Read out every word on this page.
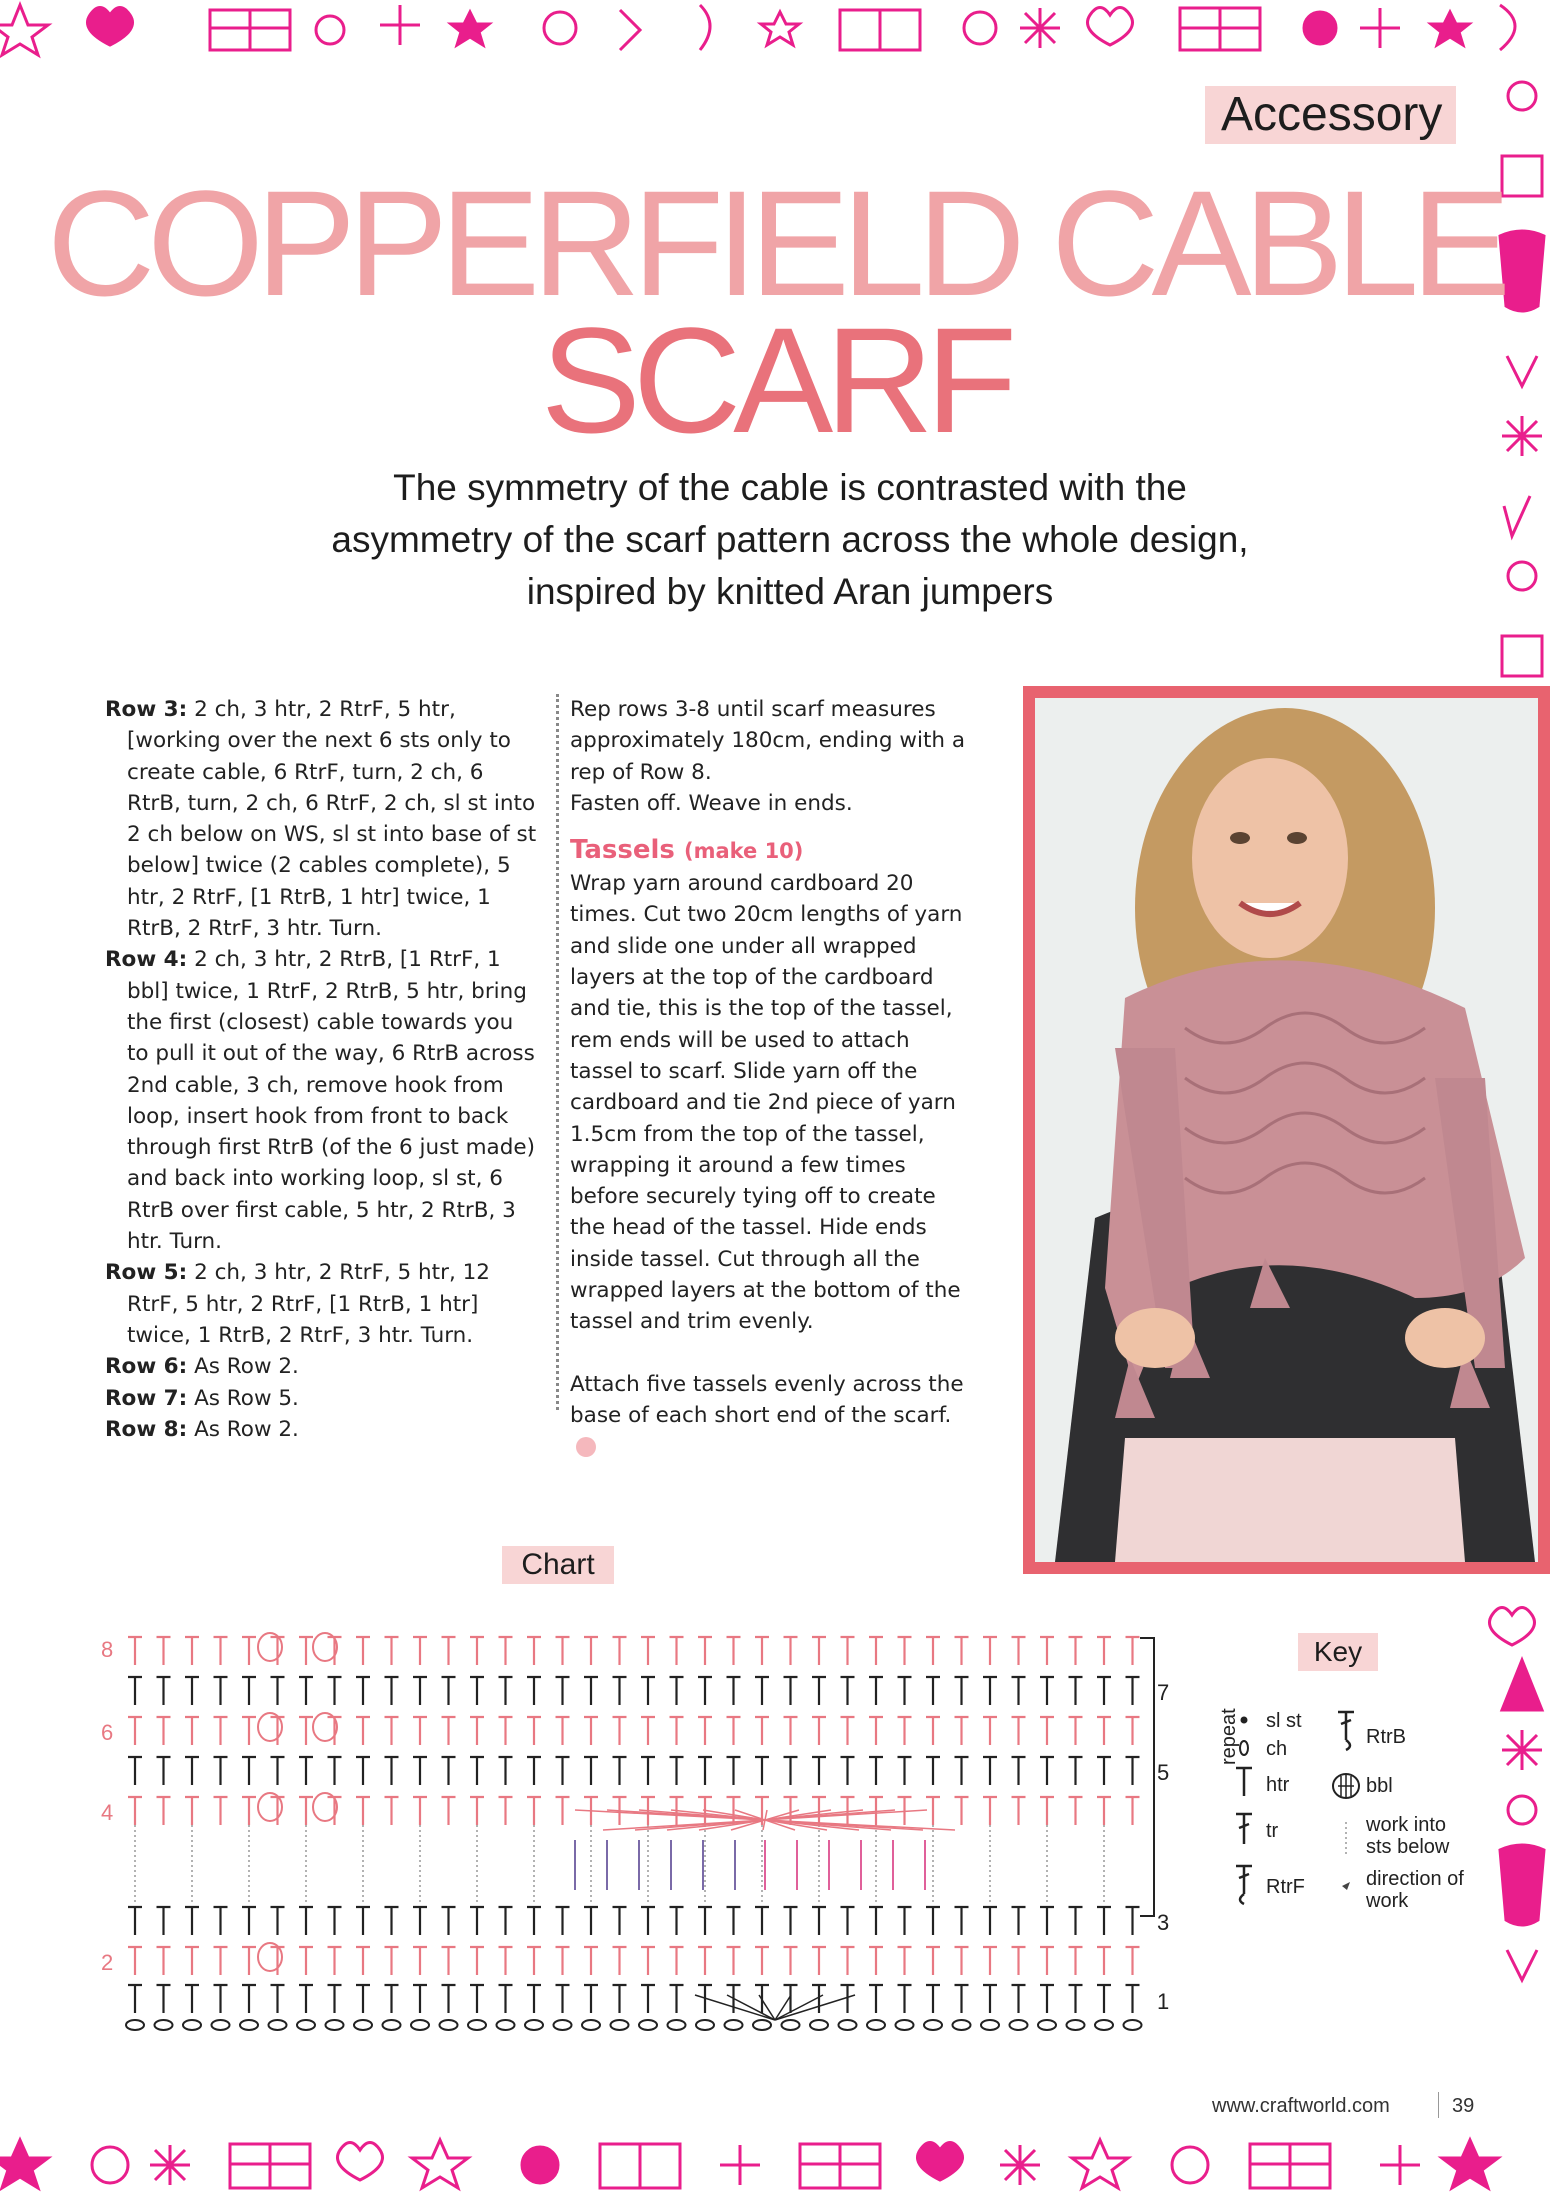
Accessory
COPPERFIELD CABLE
SCARF
The symmetry of the cable is contrasted with the asymmetry of the scarf pattern across the whole design, inspired by knitted Aran jumpers
Row 3: 2 ch, 3 htr, 2 RtrF, 5 htr, [working over the next 6 sts only to create cable, 6 RtrF, turn, 2 ch, 6 RtrB, turn, 2 ch, 6 RtrF, 2 ch, sl st into 2 ch below on WS, sl st into base of st below] twice (2 cables complete), 5 htr, 2 RtrF, [1 RtrB, 1 htr] twice, 1 RtrB, 2 RtrF, 3 htr. Turn.
Row 4: 2 ch, 3 htr, 2 RtrB, [1 RtrF, 1 bbl] twice, 1 RtrF, 2 RtrB, 5 htr, bring the first (closest) cable towards you to pull it out of the way, 6 RtrB across 2nd cable, 3 ch, remove hook from loop, insert hook from front to back through first RtrB (of the 6 just made) and back into working loop, sl st, 6 RtrB over first cable, 5 htr, 2 RtrB, 3 htr. Turn.
Row 5: 2 ch, 3 htr, 2 RtrF, 5 htr, 12 RtrF, 5 htr, 2 RtrF, [1 RtrB, 1 htr] twice, 1 RtrB, 2 RtrF, 3 htr. Turn.
Row 6: As Row 2.
Row 7: As Row 5.
Row 8: As Row 2.

Rep rows 3-8 until scarf measures approximately 180cm, ending with a rep of Row 8.

Fasten off. Weave in ends.

Tassels (make 10)

Wrap yarn around cardboard 20 times. Cut two 20cm lengths of yarn and slide one under all wrapped layers at the top of the cardboard and tie, this is the top of the tassel, rem ends will be used to attach tassel to scarf. Slide yarn off the cardboard and tie 2nd piece of yarn 1.5cm from the top of the tassel, wrapping it around a few times before securely tying off to create the head of the tassel. Hide ends inside tassel. Cut through all the wrapped layers at the bottom of the tassel and trim evenly.

Attach five tassels evenly across the base of each short end of the scarf.

Chart
8
6
4
2
7
5
3
1
repeat
Key
sl st
ch
htr
tr
RtrF
RtrB
bbl
work into sts below
direction of work
www.craftworld.com	39
